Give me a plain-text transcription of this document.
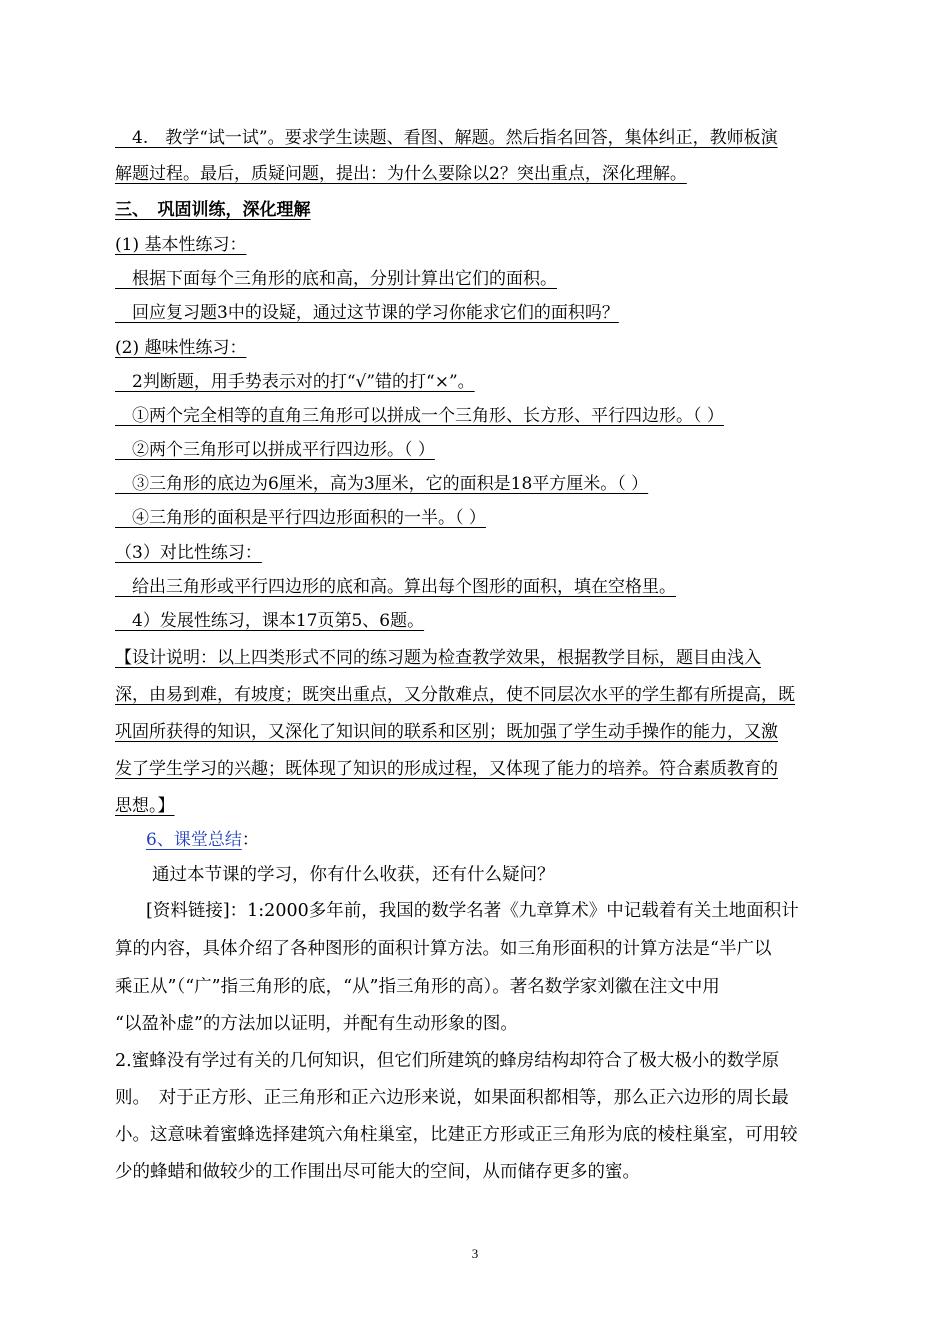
　4.　教学“试一试”。要求学生读题、看图、解题。然后指名回答，集体纠正，教师板演
解题过程。最后，质疑问题，提出：为什么要除以2？突出重点，深化理解。
三、　巩固训练，深化理解
(1) 基本性练习：
　根据下面每个三角形的底和高，分别计算出它们的面积。
　回应复习题3中的设疑，通过这节课的学习你能求它们的面积吗？
(2) 趣味性练习：
　2判断题，用手势表示对的打“√”错的打“×”。
　①两个完全相等的直角三角形可以拼成一个三角形、长方形、平行四边形。（ ）
　②两个三角形可以拼成平行四边形。（ ）
　③三角形的底边为6厘米，高为3厘米，它的面积是18平方厘米。（ ）
　④三角形的面积是平行四边形面积的一半。（ ）
（3）对比性练习：
　给出三角形或平行四边形的底和高。算出每个图形的面积，填在空格里。
　4）发展性练习，课本17页第5、6题。
【设计说明：以上四类形式不同的练习题为检查教学效果，根据教学目标，题目由浅入
深，由易到难，有坡度；既突出重点，又分散难点，使不同层次水平的学生都有所提高，既
巩固所获得的知识，又深化了知识间的联系和区别；既加强了学生动手操作的能力，又激
发了学生学习的兴趣；既体现了知识的形成过程，又体现了能力的培养。符合素质教育的
思想。】
6、课堂总结：
通过本节课的学习，你有什么收获，还有什么疑问？
[资料链接]：1:2000多年前，我国的数学名著《九章算术》中记载着有关土地面积计
算的内容，具体介绍了各种图形的面积计算方法。如三角形面积的计算方法是“半广以
乘正从”（“广”指三角形的底，“从”指三角形的高）。著名数学家刘徽在注文中用
“以盈补虚”的方法加以证明，并配有生动形象的图。
2.蜜蜂没有学过有关的几何知识，但它们所建筑的蜂房结构却符合了极大极小的数学原
则。　对于正方形、正三角形和正六边形来说，如果面积都相等，那么正六边形的周长最
小。这意味着蜜蜂选择建筑六角柱巢室，比建正方形或正三角形为底的棱柱巢室，可用较
少的蜂蜡和做较少的工作围出尽可能大的空间，从而储存更多的蜜。
3
